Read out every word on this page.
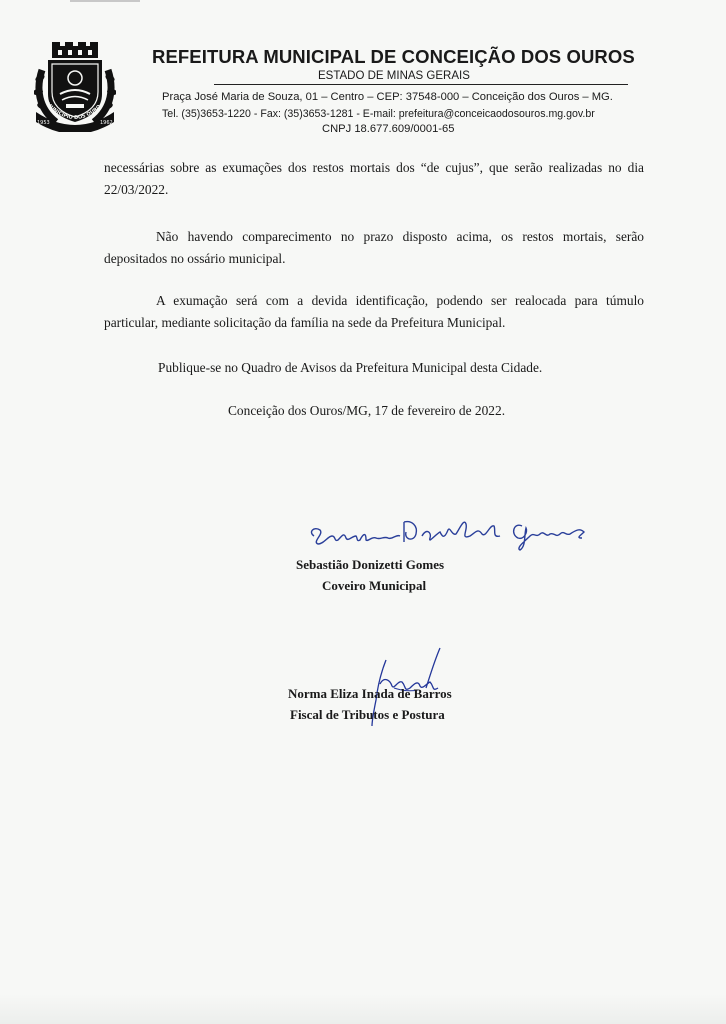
MUNICÍPIO DOS OURO
1953	1962
REFEITURA MUNICIPAL DE CONCEIÇÃO DOS OUROS
ESTADO DE MINAS GERAIS
Praça José Maria de Souza, 01 – Centro – CEP: 37548-000 – Conceição dos Ouros – MG.
Tel. (35)3653-1220 - Fax: (35)3653-1281 - E-mail: prefeitura@conceicaodosouros.mg.gov.br
CNPJ 18.677.609/0001-65
necessárias sobre as exumações dos restos mortais dos “de cujus”, que serão realizadas no dia 22/03/2022.
Não havendo comparecimento no prazo disposto acima, os restos mortais, serão depositados no ossário municipal.
A exumação será com a devida identificação, podendo ser realocada para túmulo particular, mediante solicitação da família na sede da Prefeitura Municipal.
Publique-se no Quadro de Avisos da Prefeitura Municipal desta Cidade.
Conceição dos Ouros/MG, 17 de fevereiro de 2022.
Sebastião Donizetti Gomes
Coveiro Municipal
Norma Eliza Inada de Barros
Fiscal de Tributos e Postura
